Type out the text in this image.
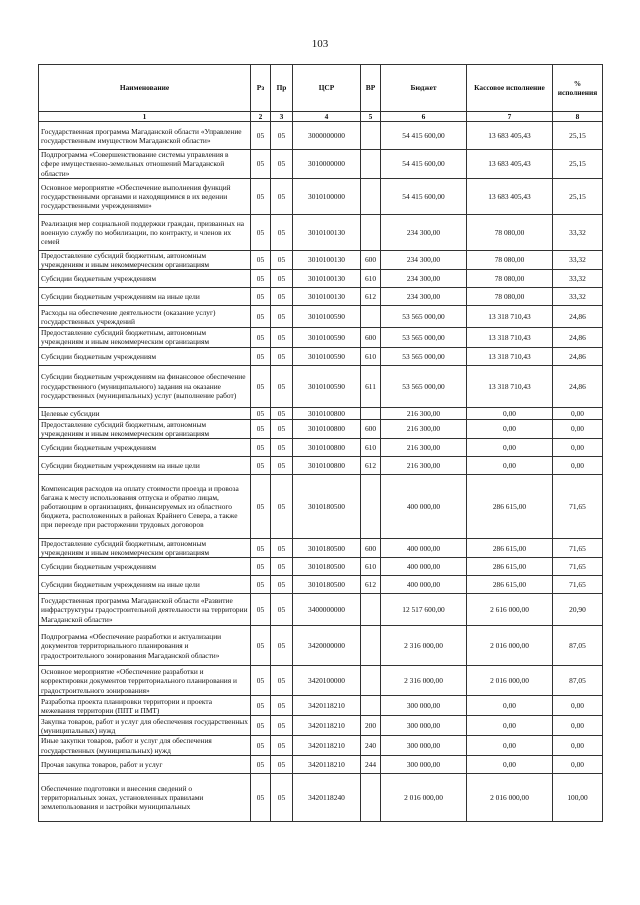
103
Наименование	Рз	Пр	ЦСР	ВР	Бюджет	Кассовое исполнение	% исполнения
1	2	3	4	5	6	7	8
Государственная программа Магаданской области «Управление государственным имуществом Магаданской области»	05	05	3000000000		54 415 600,00	13 683 405,43	25,15
Подпрограмма «Совершенствование системы управления в сфере имущественно-земельных отношений Магаданской области»	05	05	3010000000		54 415 600,00	13 683 405,43	25,15
Основное мероприятие «Обеспечение выполнения функций государственными органами и находящимися в их ведении государственными учреждениями»	05	05	3010100000		54 415 600,00	13 683 405,43	25,15
Реализация мер социальной поддержки граждан, призванных на военную службу по мобилизации, по контракту, и членов их семей	05	05	3010100130		234 300,00	78 080,00	33,32
Предоставление субсидий бюджетным, автономным учреждениям и иным некоммерческим организациям	05	05	3010100130	600	234 300,00	78 080,00	33,32
Субсидии бюджетным учреждениям	05	05	3010100130	610	234 300,00	78 080,00	33,32
Субсидии бюджетным учреждениям на иные цели	05	05	3010100130	612	234 300,00	78 080,00	33,32
Расходы на обеспечение деятельности (оказание услуг) государственных учреждений	05	05	3010100590		53 565 000,00	13 318 710,43	24,86
Предоставление субсидий бюджетным, автономным учреждениям и иным некоммерческим организациям	05	05	3010100590	600	53 565 000,00	13 318 710,43	24,86
Субсидии бюджетным учреждениям	05	05	3010100590	610	53 565 000,00	13 318 710,43	24,86
Субсидии бюджетным учреждениям на финансовое обеспечение государственного (муниципального) задания на оказание государственных (муниципальных) услуг (выполнение работ)	05	05	3010100590	611	53 565 000,00	13 318 710,43	24,86
Целевые субсидии	05	05	3010100800		216 300,00	0,00	0,00
Предоставление субсидий бюджетным, автономным учреждениям и иным некоммерческим организациям	05	05	3010100800	600	216 300,00	0,00	0,00
Субсидии бюджетным учреждениям	05	05	3010100800	610	216 300,00	0,00	0,00
Субсидии бюджетным учреждениям на иные цели	05	05	3010100800	612	216 300,00	0,00	0,00
Компенсация расходов на оплату стоимости проезда и провоза багажа к месту использования отпуска и обратно лицам, работающим в организациях, финансируемых из областного бюджета, расположенных в районах Крайнего Севера, а также при переезде при расторжении трудовых договоров	05	05	3010180500		400 000,00	286 615,00	71,65
Предоставление субсидий бюджетным, автономным учреждениям и иным некоммерческим организациям	05	05	3010180500	600	400 000,00	286 615,00	71,65
Субсидии бюджетным учреждениям	05	05	3010180500	610	400 000,00	286 615,00	71,65
Субсидии бюджетным учреждениям на иные цели	05	05	3010180500	612	400 000,00	286 615,00	71,65
Государственная программа Магаданской области «Развитие инфраструктуры градостроительной деятельности на территории Магаданской области»	05	05	3400000000		12 517 600,00	2 616 000,00	20,90
Подпрограмма «Обеспечение разработки и актуализации документов территориального планирования и градостроительного зонирования Магаданской области»	05	05	3420000000		2 316 000,00	2 016 000,00	87,05
Основное мероприятие «Обеспечение разработки и корректировки документов территориального планирования и градостроительного зонирования»	05	05	3420100000		2 316 000,00	2 016 000,00	87,05
Разработка проекта планировки территории и проекта межевания территории (ППТ и ПМТ)	05	05	3420118210		300 000,00	0,00	0,00
Закупка товаров, работ и услуг для обеспечения государственных (муниципальных) нужд	05	05	3420118210	200	300 000,00	0,00	0,00
Иные закупки товаров, работ и услуг для обеспечения государственных (муниципальных) нужд	05	05	3420118210	240	300 000,00	0,00	0,00
Прочая закупка товаров, работ и услуг	05	05	3420118210	244	300 000,00	0,00	0,00
Обеспечение подготовки и внесения сведений о территориальных зонах, установленных правилами землепользования и застройки муниципальных	05	05	3420118240		2 016 000,00	2 016 000,00	100,00
